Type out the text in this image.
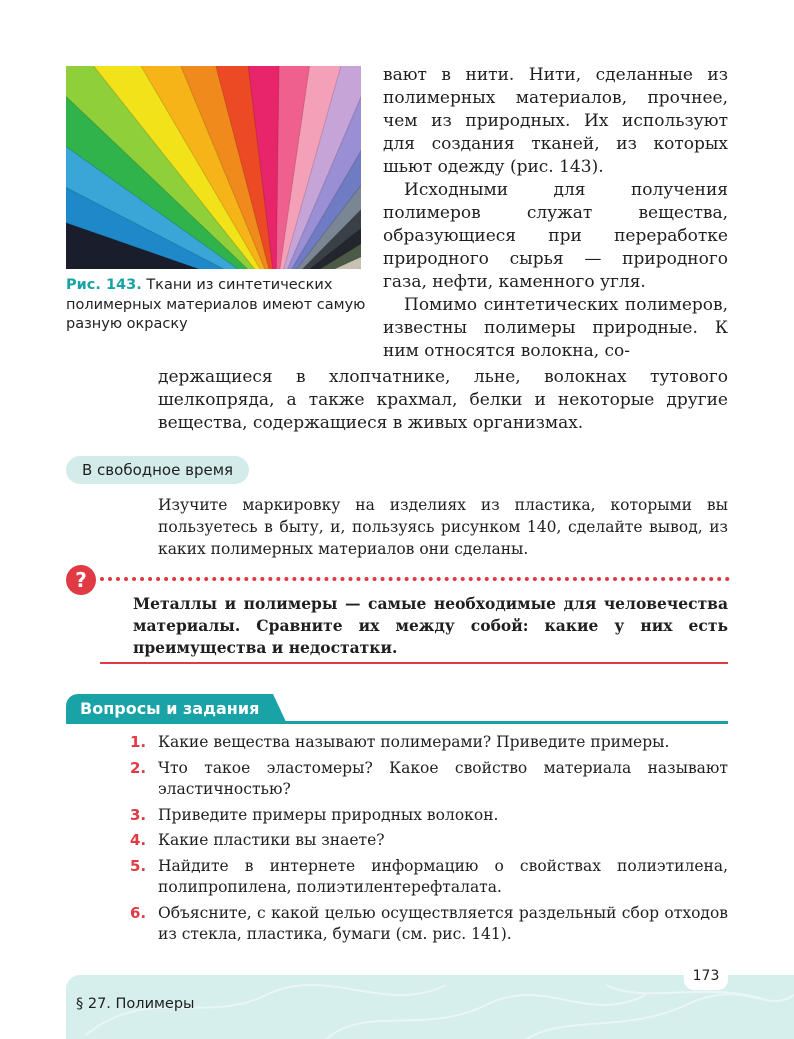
Рис. 143. Ткани из синтетических полимерных материалов имеют самую разную окраску

вают в нити. Нити, сделанные из полимерных материалов, прочнее, чем из природных. Их используют для создания тканей, из которых шьют одежду (рис. 143).

Исходными для получения полимеров служат вещества, образующиеся при переработке природного сырья — природного газа, нефти, каменного угля.

Помимо синтетических полимеров, известны полимеры природные. К ним относятся волокна, со-

держащиеся в хлопчатнике, льне, волокнах тутового шелкопряда, а также крахмал, белки и некоторые другие вещества, содержащиеся в живых организмах.

В свободное время

Изучите маркировку на изделиях из пластика, которыми вы пользуетесь в быту, и, пользуясь рисунком 140, сделайте вывод, из каких полимерных материалов они сделаны.

?

Металлы и полимеры — самые необходимые для человечества материалы. Сравните их между собой: какие у них есть преимущества и недостатки.

Вопросы и задания
1. Какие вещества называют полимерами? Приведите примеры.
2. Что такое эластомеры? Какое свойство материала называют эластичностью?
3. Приведите примеры природных волокон.
4. Какие пластики вы знаете?
5. Найдите в интернете информацию о свойствах полиэтилена, полипропилена, полиэтилентерефталата.
6. Объясните, с какой целью осуществляется раздельный сбор отходов из стекла, пластика, бумаги (см. рис. 141).
173
§ 27. Полимеры
